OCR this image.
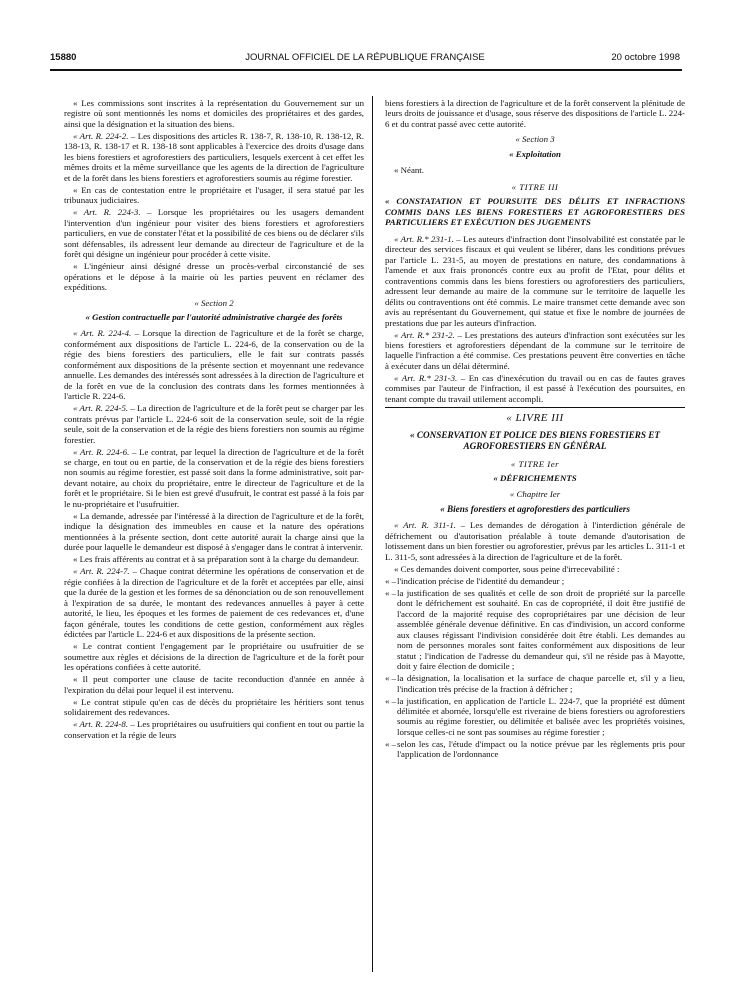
15880	JOURNAL OFFICIEL DE LA RÉPUBLIQUE FRANÇAISE	20 octobre 1998

« Les commissions sont inscrites à la représentation du Gouvernement sur un registre où sont mentionnés les noms et domiciles des propriétaires et des gardes, ainsi que la désignation et la situation des biens.

« Art. R. 224-2. – Les dispositions des articles R. 138-7, R. 138-10, R. 138-12, R. 138-13, R. 138-17 et R. 138-18 sont applicables à l'exercice des droits d'usage dans les biens forestiers et agroforestiers des particuliers, lesquels exercent à cet effet les mêmes droits et la même surveillance que les agents de la direction de l'agriculture et de la forêt dans les biens forestiers et agroforestiers soumis au régime forestier.

« En cas de contestation entre le propriétaire et l'usager, il sera statué par les tribunaux judiciaires.

« Art. R. 224-3. – Lorsque les propriétaires ou les usagers demandent l'intervention d'un ingénieur pour visiter des biens forestiers et agroforestiers particuliers, en vue de constater l'état et la possibilité de ces biens ou de déclarer s'ils sont défensables, ils adressent leur demande au directeur de l'agriculture et de la forêt qui désigne un ingénieur pour procéder à cette visite.

« L'ingénieur ainsi désigné dresse un procès-verbal circonstancié de ses opérations et le dépose à la mairie où les parties peuvent en réclamer des expéditions.

« Section 2
« Gestion contractuelle par l'autorité administrative chargée des forêts

« Art. R. 224-4. – Lorsque la direction de l'agriculture et de la forêt se charge, conformément aux dispositions de l'article L. 224-6, de la conservation ou de la régie des biens forestiers des particuliers, elle le fait sur contrats passés conformément aux dispositions de la présente section et moyennant une redevance annuelle. Les demandes des intéressés sont adressées à la direction de l'agriculture et de la forêt en vue de la conclusion des contrats dans les formes mentionnées à l'article R. 224-6.

« Art. R. 224-5. – La direction de l'agriculture et de la forêt peut se charger par les contrats prévus par l'article L. 224-6 soit de la conservation seule, soit de la régie seule, soit de la conservation et de la régie des biens forestiers non soumis au régime forestier.

« Art. R. 224-6. – Le contrat, par lequel la direction de l'agriculture et de la forêt se charge, en tout ou en partie, de la conservation et de la régie des biens forestiers non soumis au régime forestier, est passé soit dans la forme administrative, soit par-devant notaire, au choix du propriétaire, entre le directeur de l'agriculture et de la forêt et le propriétaire. Si le bien est grevé d'usufruit, le contrat est passé à la fois par le nu-propriétaire et l'usufruitier.

« La demande, adressée par l'intéressé à la direction de l'agriculture et de la forêt, indique la désignation des immeubles en cause et la nature des opérations mentionnées à la présente section, dont cette autorité aurait la charge ainsi que la durée pour laquelle le demandeur est disposé à s'engager dans le contrat à intervenir.

« Les frais afférents au contrat et à sa préparation sont à la charge du demandeur.

« Art. R. 224-7. – Chaque contrat détermine les opérations de conservation et de régie confiées à la direction de l'agriculture et de la forêt et acceptées par elle, ainsi que la durée de la gestion et les formes de sa dénonciation ou de son renouvellement à l'expiration de sa durée, le montant des redevances annuelles à payer à cette autorité, le lieu, les époques et les formes de paiement de ces redevances et, d'une façon générale, toutes les conditions de cette gestion, conformément aux règles édictées par l'article L. 224-6 et aux dispositions de la présente section.

« Le contrat contient l'engagement par le propriétaire ou usufruitier de se soumettre aux règles et décisions de la direction de l'agriculture et de la forêt pour les opérations confiées à cette autorité.

« Il peut comporter une clause de tacite reconduction d'année en année à l'expiration du délai pour lequel il est intervenu.

« Le contrat stipule qu'en cas de décès du propriétaire les héritiers sont tenus solidairement des redevances.

« Art. R. 224-8. – Les propriétaires ou usufruitiers qui confient en tout ou partie la conservation et la régie de leurs

biens forestiers à la direction de l'agriculture et de la forêt conservent la plénitude de leurs droits de jouissance et d'usage, sous réserve des dispositions de l'article L. 224-6 et du contrat passé avec cette autorité.

« Section 3
« Exploitation

« Néant.

« TITRE III
« CONSTATATION ET POURSUITE DES DÉLITS ET INFRACTIONS COMMIS DANS LES BIENS FORESTIERS ET AGROFORESTIERS DES PARTICULIERS ET EXÉCUTION DES JUGEMENTS

« Art. R.* 231-1. – Les auteurs d'infraction dont l'insolvabilité est constatée par le directeur des services fiscaux et qui veulent se libérer, dans les conditions prévues par l'article L. 231-5, au moyen de prestations en nature, des condamnations à l'amende et aux frais prononcés contre eux au profit de l'Etat, pour délits et contraventions commis dans les biens forestiers ou agroforestiers des particuliers, adressent leur demande au maire de la commune sur le territoire de laquelle les délits ou contraventions ont été commis. Le maire transmet cette demande avec son avis au représentant du Gouvernement, qui statue et fixe le nombre de journées de prestations due par les auteurs d'infraction.

« Art. R.* 231-2. – Les prestations des auteurs d'infraction sont exécutées sur les biens forestiers et agroforestiers dépendant de la commune sur le territoire de laquelle l'infraction a été commise. Ces prestations peuvent être converties en tâche à exécuter dans un délai déterminé.

« Art. R.* 231-3. – En cas d'inexécution du travail ou en cas de fautes graves commises par l'auteur de l'infraction, il est passé à l'exécution des poursuites, en tenant compte du travail utilement accompli.

« LIVRE III
« CONSERVATION ET POLICE DES BIENS FORESTIERS ET AGROFORESTIERS EN GÉNÉRAL
« TITRE Ier
« DÉFRICHEMENTS
« Chapitre Ier
« Biens forestiers et agroforestiers des particuliers

« Art. R. 311-1. – Les demandes de dérogation à l'interdiction générale de défrichement ou d'autorisation préalable à toute demande d'autorisation de lotissement dans un bien forestier ou agroforestier, prévus par les articles L. 311-1 et L. 311-5, sont adressées à la direction de l'agriculture et de la forêt.

« Ces demandes doivent comporter, sous peine d'irrecevabilité :

« – l'indication précise de l'identité du demandeur ;
« – la justification de ses qualités et celle de son droit de propriété sur la parcelle dont le défrichement est souhaité. En cas de copropriété, il doit être justifié de l'accord de la majorité requise des copropriétaires par une décision de leur assemblée générale devenue définitive. En cas d'indivision, un accord conforme aux clauses régissant l'indivision considérée doit être établi. Les demandes au nom de personnes morales sont faites conformément aux dispositions de leur statut ; l'indication de l'adresse du demandeur qui, s'il ne réside pas à Mayotte, doit y faire élection de domicile ;
« – la désignation, la localisation et la surface de chaque parcelle et, s'il y a lieu, l'indication très précise de la fraction à défricher ;
« – la justification, en application de l'article L. 224-7, que la propriété est dûment délimitée et abornée, lorsqu'elle est riveraine de biens forestiers ou agroforestiers soumis au régime forestier, ou délimitée et balisée avec les propriétés voisines, lorsque celles-ci ne sont pas soumises au régime forestier ;
« – selon les cas, l'étude d'impact ou la notice prévue par les règlements pris pour l'application de l'ordonnance
